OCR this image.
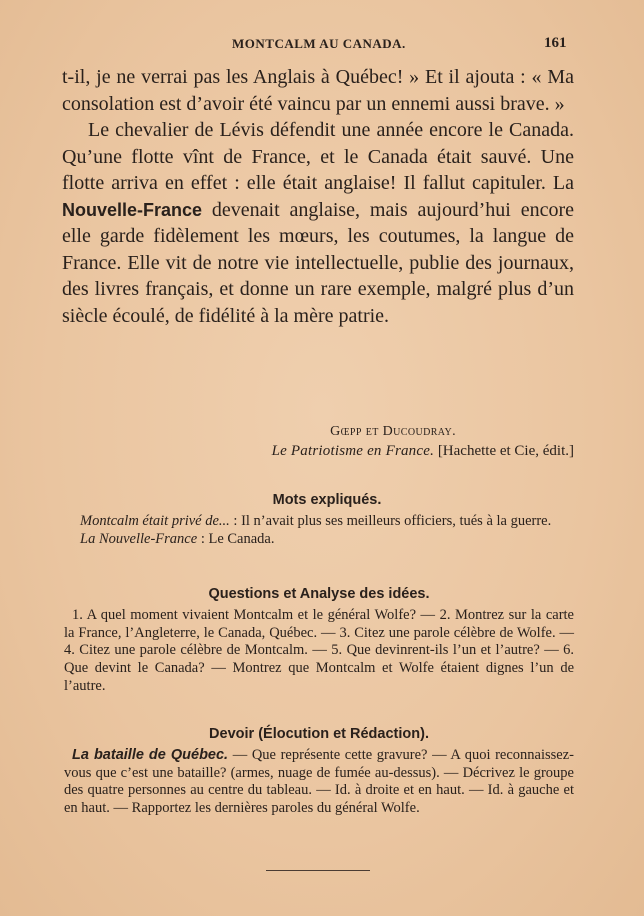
MONTCALM AU CANADA.	161

t-il, je ne verrai pas les Anglais à Québec! » Et il ajouta : « Ma consolation est d’avoir été vaincu par un ennemi aussi brave. »

Le chevalier de Lévis défendit une année encore le Canada. Qu’une flotte vînt de France, et le Canada était sauvé. Une flotte arriva en effet : elle était anglaise! Il fallut capituler. La Nouvelle-France devenait anglaise, mais aujourd’hui encore elle garde fidèlement les mœurs, les coutumes, la langue de France. Elle vit de notre vie intellectuelle, publie des journaux, des livres français, et donne un rare exemple, malgré plus d’un siècle écoulé, de fidélité à la mère patrie.

Gœpp et Ducoudray.
Le Patriotisme en France. [Hachette et Cie, édit.]
Mots expliqués.

Montcalm était privé de... : Il n’avait plus ses meilleurs officiers, tués à la guerre.

La Nouvelle-France : Le Canada.

Questions et Analyse des idées.

1. A quel moment vivaient Montcalm et le général Wolfe? — 2. Montrez sur la carte la France, l’Angleterre, le Canada, Québec. — 3. Citez une parole célèbre de Wolfe. — 4. Citez une parole célèbre de Montcalm. — 5. Que devinrent-ils l’un et l’autre? — 6. Que devint le Canada? — Montrez que Montcalm et Wolfe étaient dignes l’un de l’autre.

Devoir (Élocution et Rédaction).

La bataille de Québec. — Que représente cette gravure? — A quoi reconnaissez-vous que c’est une bataille? (armes, nuage de fumée au-dessus). — Décrivez le groupe des quatre personnes au centre du tableau. — Id. à droite et en haut. — Id. à gauche et en haut. — Rapportez les dernières paroles du général Wolfe.
